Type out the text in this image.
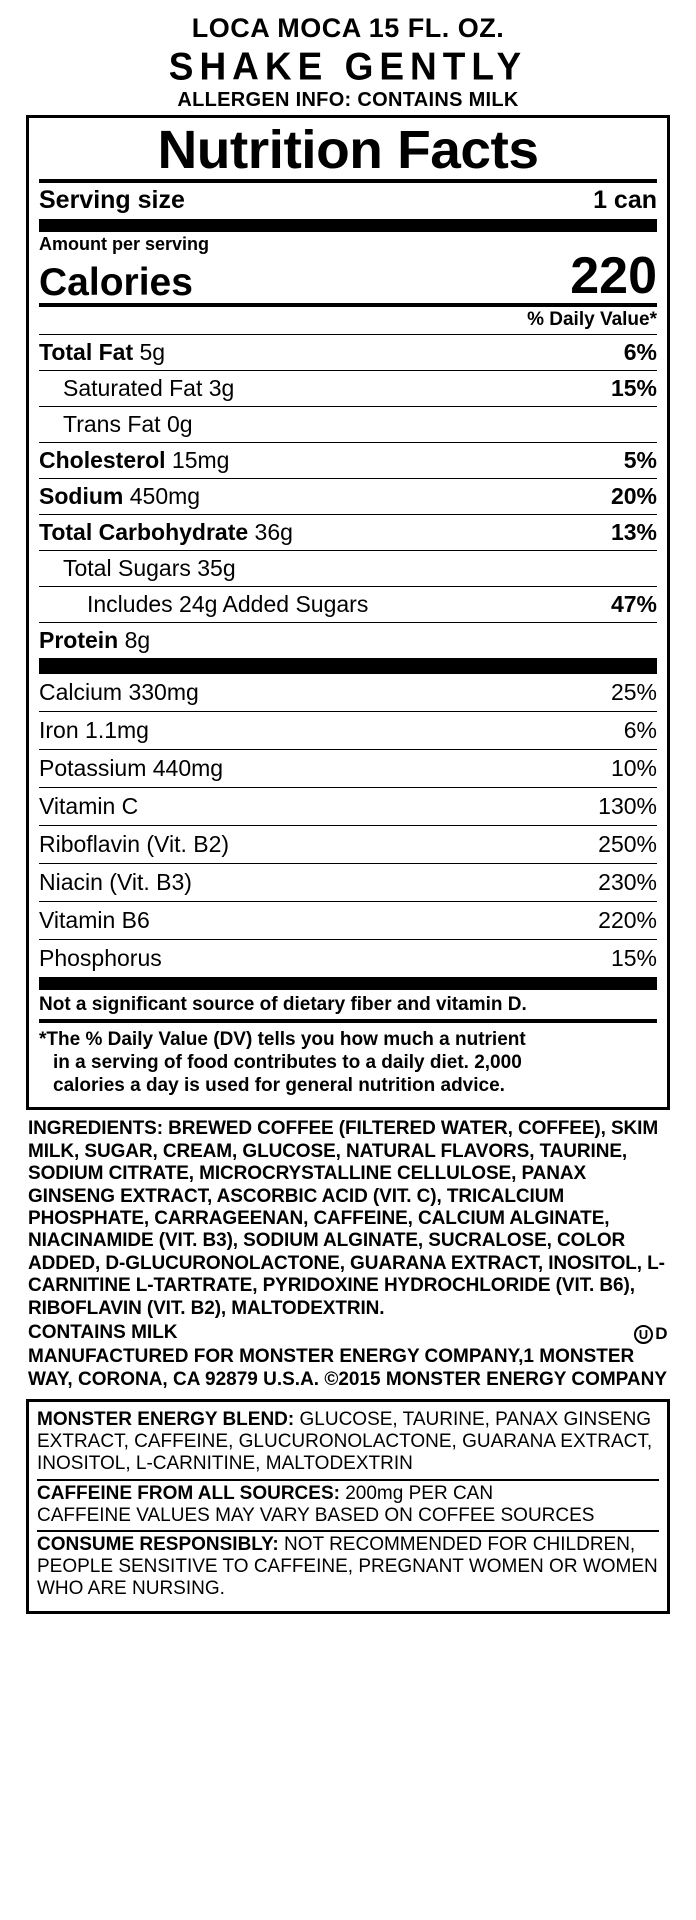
LOCA MOCA 15 FL. OZ.
SHAKE GENTLY
ALLERGEN INFO: CONTAINS MILK
Nutrition Facts
Serving size	1 can
Amount per serving
Calories	220
% Daily Value*
Total Fat 5g	6%
Saturated Fat 3g	15%
Trans Fat 0g
Cholesterol 15mg	5%
Sodium 450mg	20%
Total Carbohydrate 36g	13%
Total Sugars 35g
Includes 24g Added Sugars	47%
Protein 8g
Calcium 330mg	25%
Iron 1.1mg	6%
Potassium 440mg	10%
Vitamin C	130%
Riboflavin (Vit. B2)	250%
Niacin (Vit. B3)	230%
Vitamin B6	220%
Phosphorus	15%
Not a significant source of dietary fiber and vitamin D.
*The % Daily Value (DV) tells you how much a nutrient
in a serving of food contributes to a daily diet. 2,000
calories a day is used for general nutrition advice.
INGREDIENTS: BREWED COFFEE (FILTERED WATER, COFFEE), SKIM MILK, SUGAR, CREAM, GLUCOSE, NATURAL FLAVORS, TAURINE, SODIUM CITRATE, MICROCRYSTALLINE CELLULOSE, PANAX GINSENG EXTRACT, ASCORBIC ACID (VIT. C), TRICALCIUM PHOSPHATE, CARRAGEENAN, CAFFEINE, CALCIUM ALGINATE, NIACINAMIDE (VIT. B3), SODIUM ALGINATE, SUCRALOSE, COLOR ADDED, D-GLUCURONOLACTONE, GUARANA EXTRACT, INOSITOL, L-CARNITINE L-TARTRATE, PYRIDOXINE HYDROCHLORIDE (VIT. B6), RIBOFLAVIN (VIT. B2), MALTODEXTRIN.
CONTAINS MILK	U D
MANUFACTURED FOR MONSTER ENERGY COMPANY,1 MONSTER WAY, CORONA, CA 92879 U.S.A. ©2015 MONSTER ENERGY COMPANY
MONSTER ENERGY BLEND: GLUCOSE, TAURINE, PANAX GINSENG EXTRACT, CAFFEINE, GLUCURONOLACTONE, GUARANA EXTRACT, INOSITOL, L-CARNITINE, MALTODEXTRIN
CAFFEINE FROM ALL SOURCES: 200mg PER CAN
CAFFEINE VALUES MAY VARY BASED ON COFFEE SOURCES
CONSUME RESPONSIBLY: NOT RECOMMENDED FOR CHILDREN, PEOPLE SENSITIVE TO CAFFEINE, PREGNANT WOMEN OR WOMEN WHO ARE NURSING.
